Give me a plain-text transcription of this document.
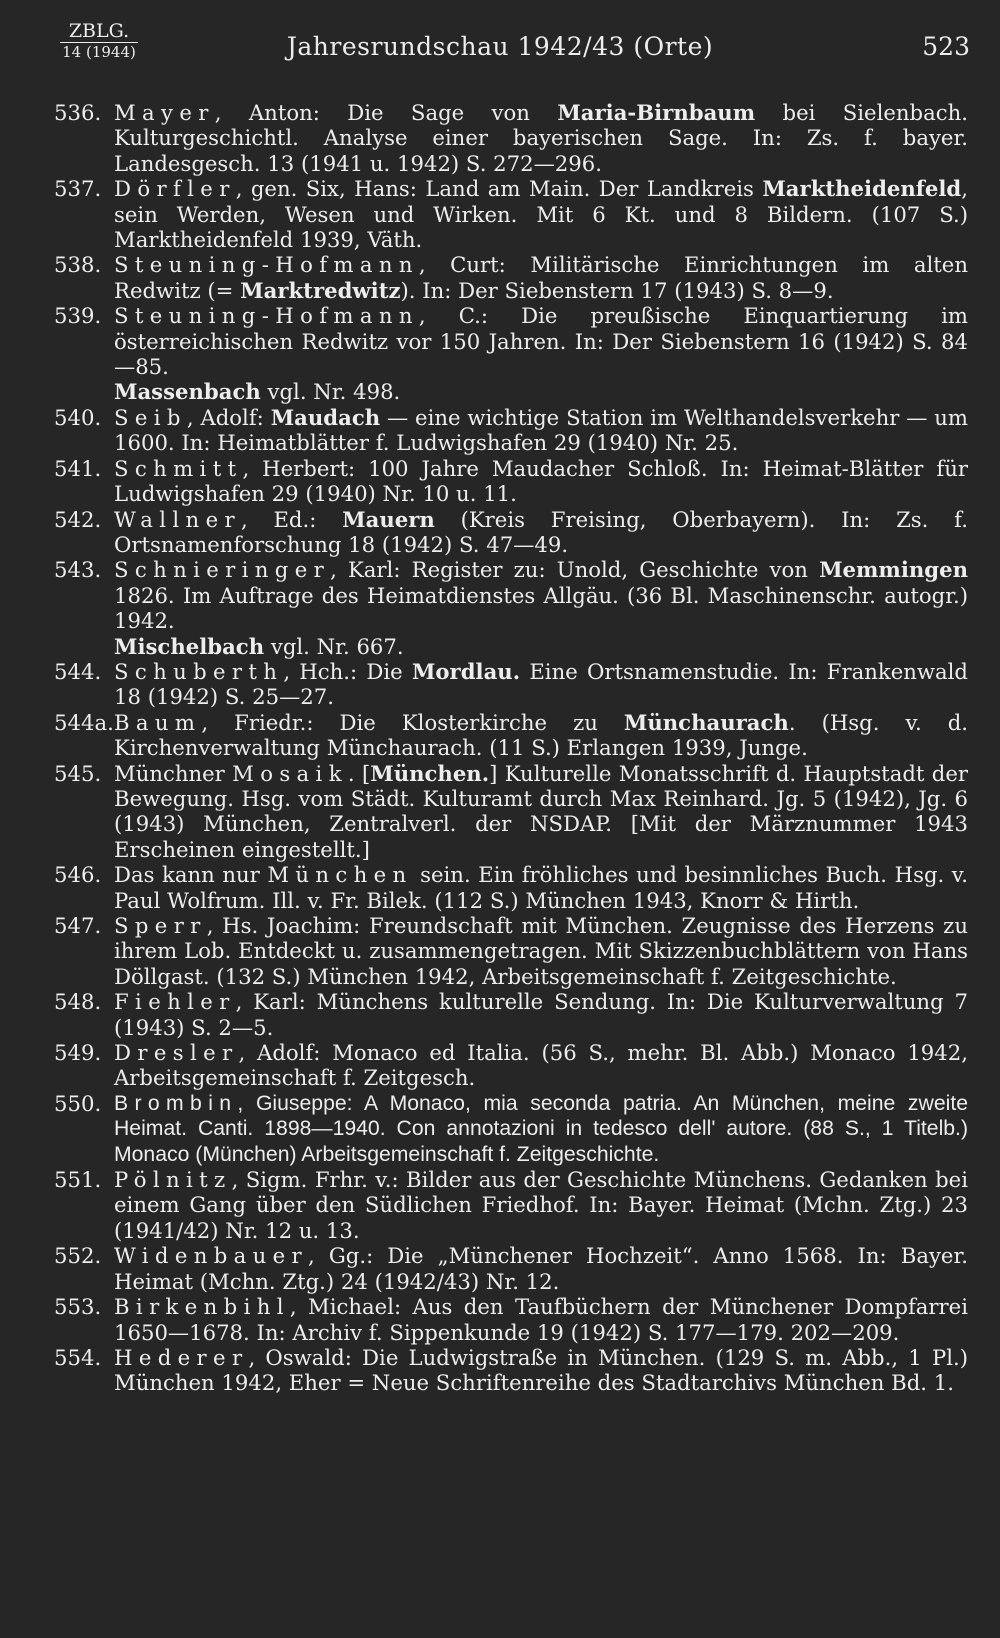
ZBLG.
14 (1944)	Jahresrundschau 1942/43 (Orte)	523
536. Mayer, Anton: Die Sage von Maria-Birnbaum bei Sielenbach. Kulturgeschichtl. Analyse einer bayerischen Sage. In: Zs. f. bayer. Landesgesch. 13 (1941 u. 1942) S. 272—296.
537. Dörfler, gen. Six, Hans: Land am Main. Der Landkreis Marktheidenfeld, sein Werden, Wesen und Wirken. Mit 6 Kt. und 8 Bildern. (107 S.) Marktheidenfeld 1939, Väth.
538. Steuning-Hofmann, Curt: Militärische Einrichtungen im alten Redwitz (= Marktredwitz). In: Der Siebenstern 17 (1943) S. 8—9.
539. Steuning-Hofmann, C.: Die preußische Einquartierung im österreichischen Redwitz vor 150 Jahren. In: Der Siebenstern 16 (1942) S. 84—85.
Massenbach vgl. Nr. 498.
540. Seib, Adolf: Maudach — eine wichtige Station im Welthandelsverkehr — um 1600. In: Heimatblätter f. Ludwigshafen 29 (1940) Nr. 25.
541. Schmitt, Herbert: 100 Jahre Maudacher Schloß. In: Heimat-Blätter für Ludwigshafen 29 (1940) Nr. 10 u. 11.
542. Wallner, Ed.: Mauern (Kreis Freising, Oberbayern). In: Zs. f. Ortsnamenforschung 18 (1942) S. 47—49.
543. Schnieringer, Karl: Register zu: Unold, Geschichte von Memmingen 1826. Im Auftrage des Heimatdienstes Allgäu. (36 Bl. Maschinenschr. autogr.) 1942.
Mischelbach vgl. Nr. 667.
544. Schuberth, Hch.: Die Mordlau. Eine Ortsnamenstudie. In: Frankenwald 18 (1942) S. 25—27.
544a. Baum, Friedr.: Die Klosterkirche zu Münchaurach. (Hsg. v. d. Kirchenverwaltung Münchaurach. (11 S.) Erlangen 1939, Junge.
545. Münchner Mosaik. [München.] Kulturelle Monatsschrift d. Hauptstadt der Bewegung. Hsg. vom Städt. Kulturamt durch Max Reinhard. Jg. 5 (1942), Jg. 6 (1943) München, Zentralverl. der NSDAP. [Mit der Märznummer 1943 Erscheinen eingestellt.]
546. Das kann nur München sein. Ein fröhliches und besinnliches Buch. Hsg. v. Paul Wolfrum. Ill. v. Fr. Bilek. (112 S.) München 1943, Knorr & Hirth.
547. Sperr, Hs. Joachim: Freundschaft mit München. Zeugnisse des Herzens zu ihrem Lob. Entdeckt u. zusammengetragen. Mit Skizzenbuchblättern von Hans Döllgast. (132 S.) München 1942, Arbeitsgemeinschaft f. Zeitgeschichte.
548. Fiehler, Karl: Münchens kulturelle Sendung. In: Die Kulturverwaltung 7 (1943) S. 2—5.
549. Dresler, Adolf: Monaco ed Italia. (56 S., mehr. Bl. Abb.) Monaco 1942, Arbeitsgemeinschaft f. Zeitgesch.
550. Brombin, Giuseppe: A Monaco, mia seconda patria. An München, meine zweite Heimat. Canti. 1898—1940. Con annotazioni in tedesco dell' autore. (88 S., 1 Titelb.) Monaco (München) Arbeitsgemeinschaft f. Zeitgeschichte.
551. Pölnitz, Sigm. Frhr. v.: Bilder aus der Geschichte Münchens. Gedanken bei einem Gang über den Südlichen Friedhof. In: Bayer. Heimat (Mchn. Ztg.) 23 (1941/42) Nr. 12 u. 13.
552. Widenbauer, Gg.: Die „Münchener Hochzeit“. Anno 1568. In: Bayer. Heimat (Mchn. Ztg.) 24 (1942/43) Nr. 12.
553. Birkenbihl, Michael: Aus den Taufbüchern der Münchener Dompfarrei 1650—1678. In: Archiv f. Sippenkunde 19 (1942) S. 177—179. 202—209.
554. Hederer, Oswald: Die Ludwigstraße in München. (129 S. m. Abb., 1 Pl.) München 1942, Eher = Neue Schriftenreihe des Stadtarchivs München Bd. 1.
